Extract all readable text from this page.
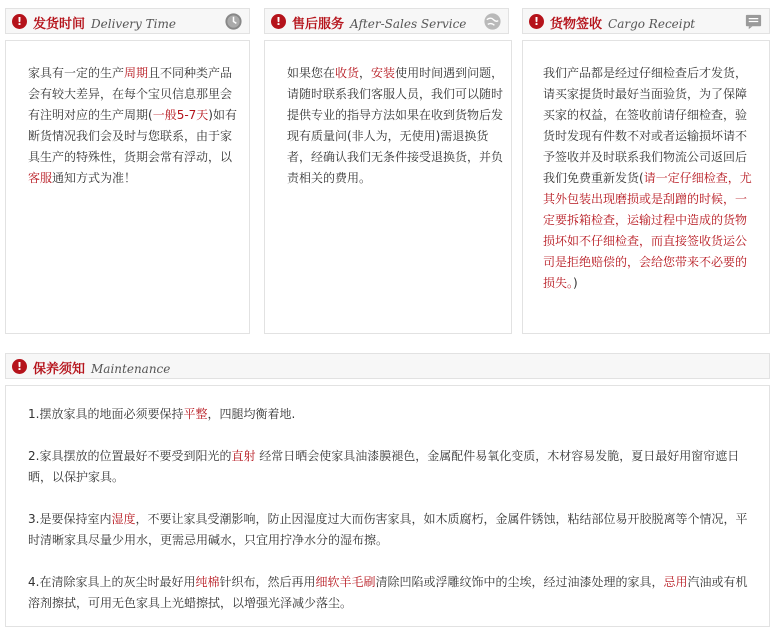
! 发货时间 Delivery Time
家具有一定的生产周期且不同种类产品会有较大差异，在每个宝贝信息那里会有注明对应的生产周期(一般5-7天)如有断货情况我们会及时与您联系，由于家具生产的特殊性，货期会常有浮动，以客服通知方式为准！
! 售后服务 After-Sales Service
如果您在收货，安装使用时间遇到问题，请随时联系我们客服人员，我们可以随时提供专业的指导方法如果在收到货物后发现有质量问(非人为，无使用)需退换货者，经确认我们无条件接受退换货，并负责相关的费用。
! 货物签收 Cargo Receipt
我们产品都是经过仔细检查后才发货，请买家提货时最好当面验货，为了保障买家的权益，在签收前请仔细检查，验货时发现有件数不对或者运输损坏请不予签收并及时联系我们物流公司返回后我们免费重新发货(请一定仔细检查，尤其外包装出现磨损或是刮蹭的时候，一定要拆箱检查，运输过程中造成的货物损坏如不仔细检查，而直接签收货运公司是拒绝赔偿的，会给您带来不必要的损失。)
! 保养须知 Maintenance

1.摆放家具的地面必须要保持平整，四腿均衡着地.

2.家具摆放的位置最好不要受到阳光的直射 经常日晒会使家具油漆膜褪色，金属配件易氧化变质，木材容易发脆，夏日最好用窗帘遮日晒，以保护家具。

3.是要保持室内湿度，不要让家具受潮影响，防止因湿度过大而伤害家具，如木质腐朽，金属件锈蚀，粘结部位易开胶脱离等个情况，平时清晰家具尽量少用水，更需忌用碱水，只宜用拧净水分的湿布擦。

4.在清除家具上的灰尘时最好用纯棉针织布，然后再用细软羊毛刷清除凹陷或浮雕纹饰中的尘埃，经过油漆处理的家具，忌用汽油或有机溶剂擦拭，可用无色家具上光蜡擦拭，以增强光泽减少落尘。
